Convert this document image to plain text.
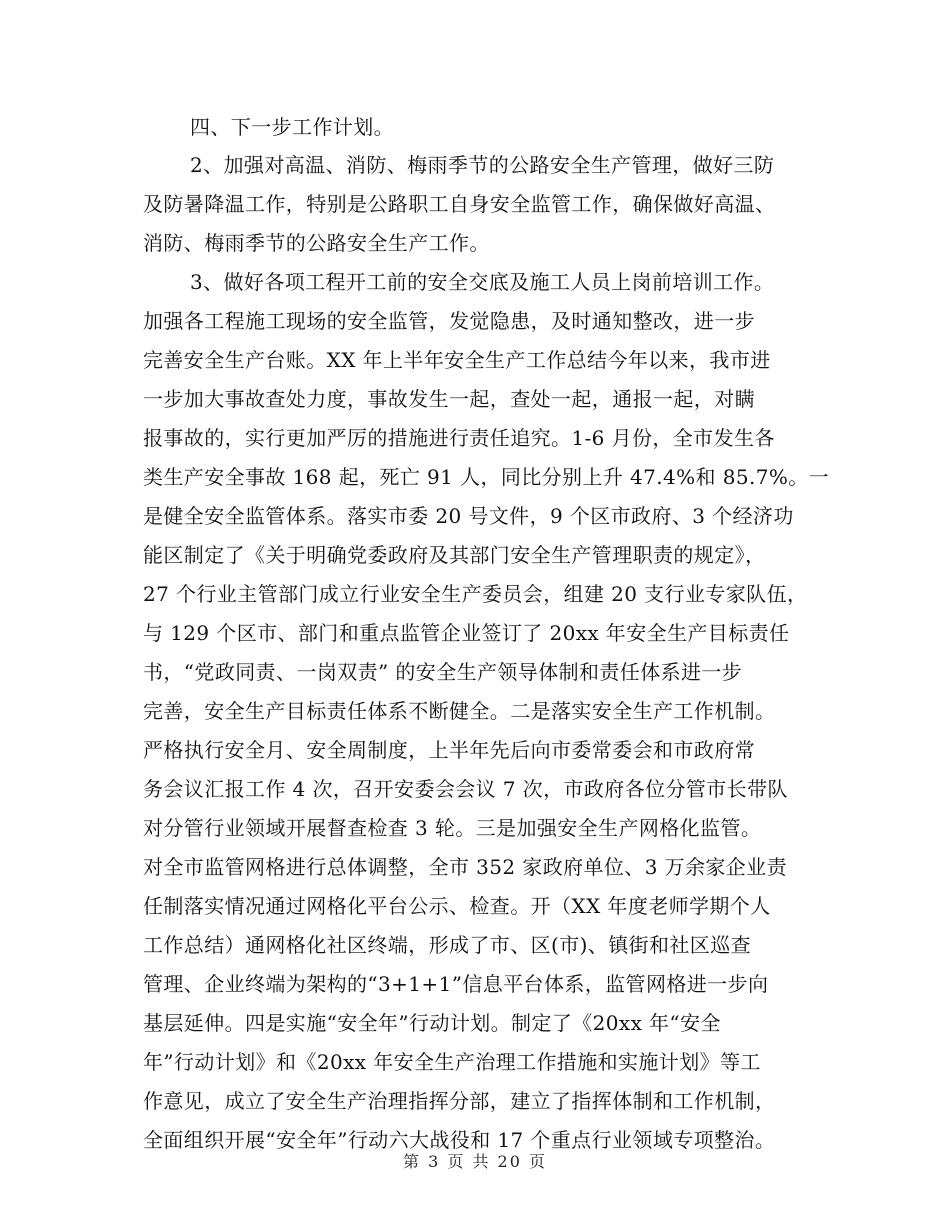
四、下一步工作计划。
2、加强对高温、消防、梅雨季节的公路安全生产管理，做好三防
及防暑降温工作，特别是公路职工自身安全监管工作，确保做好高温、
消防、梅雨季节的公路安全生产工作。
3、做好各项工程开工前的安全交底及施工人员上岗前培训工作。
加强各工程施工现场的安全监管，发觉隐患，及时通知整改，进一步
完善安全生产台账。XX 年上半年安全生产工作总结今年以来，我市进
一步加大事故查处力度，事故发生一起，查处一起，通报一起，对瞒
报事故的，实行更加严厉的措施进行责任追究。1-6 月份，全市发生各
类生产安全事故 168 起，死亡 91 人，同比分别上升 47.4%和 85.7%。一
是健全安全监管体系。落实市委 20 号文件，9 个区市政府、3 个经济功
能区制定了《关于明确党委政府及其部门安全生产管理职责的规定》，
27 个行业主管部门成立行业安全生产委员会，组建 20 支行业专家队伍，
与 129 个区市、部门和重点监管企业签订了 20xx 年安全生产目标责任
书，“党政同责、一岗双责” 的安全生产领导体制和责任体系进一步
完善，安全生产目标责任体系不断健全。二是落实安全生产工作机制。
严格执行安全月、安全周制度，上半年先后向市委常委会和市政府常
务会议汇报工作 4 次，召开安委会会议 7 次，市政府各位分管市长带队
对分管行业领域开展督查检查 3 轮。三是加强安全生产网格化监管。
对全市监管网格进行总体调整，全市 352 家政府单位、3 万余家企业责
任制落实情况通过网格化平台公示、检查。开（XX 年度老师学期个人
工作总结）通网格化社区终端，形成了市、区(市)、镇街和社区巡查
管理、企业终端为架构的“3+1+1”信息平台体系，监管网格进一步向
基层延伸。四是实施“安全年”行动计划。制定了《20xx 年“安全
年”行动计划》和《20xx 年安全生产治理工作措施和实施计划》等工
作意见，成立了安全生产治理指挥分部，建立了指挥体制和工作机制，
全面组织开展“安全年”行动六大战役和 17 个重点行业领域专项整治。
第 3 页 共 20 页
